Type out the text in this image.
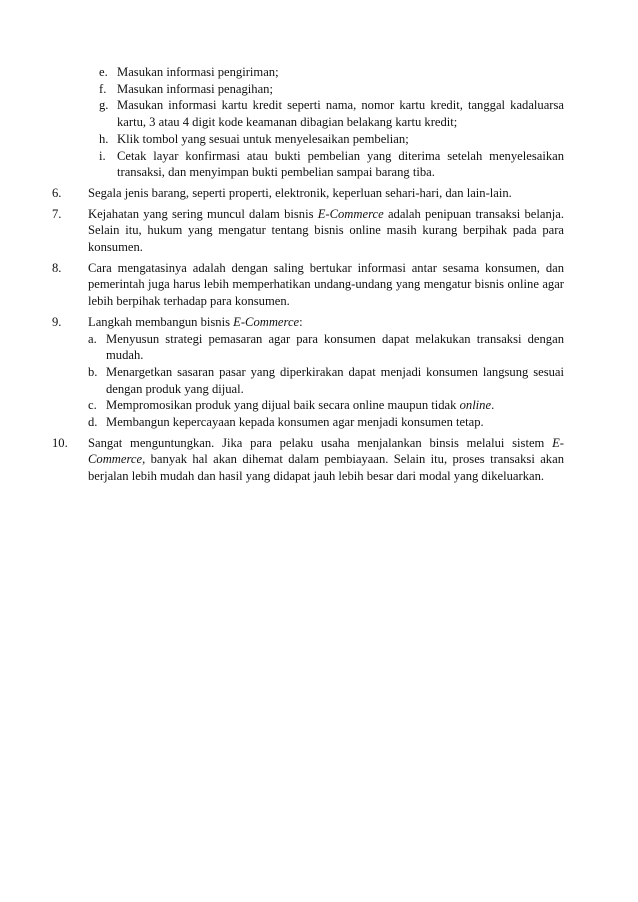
e. Masukan informasi pengiriman;
f. Masukan informasi penagihan;
g. Masukan informasi kartu kredit seperti nama, nomor kartu kredit, tanggal kadaluarsa kartu, 3 atau 4 digit kode keamanan dibagian belakang kartu kredit;
h. Klik tombol yang sesuai untuk menyelesaikan pembelian;
i. Cetak layar konfirmasi atau bukti pembelian yang diterima setelah menyelesaikan transaksi, dan menyimpan bukti pembelian sampai barang tiba.
6.	Segala jenis barang, seperti properti, elektronik, keperluan sehari-hari, dan lain-lain.
7.	Kejahatan yang sering muncul dalam bisnis E-Commerce adalah penipuan transaksi belanja. Selain itu, hukum yang mengatur tentang bisnis online masih kurang berpihak pada para konsumen.
8.	Cara mengatasinya adalah dengan saling bertukar informasi antar sesama konsumen, dan pemerintah juga harus lebih memperhatikan undang-undang yang mengatur bisnis online agar lebih berpihak terhadap para konsumen.
9.	Langkah membangun bisnis E-Commerce:
a. Menyusun strategi pemasaran agar para konsumen dapat melakukan transaksi dengan mudah.
b. Menargetkan sasaran pasar yang diperkirakan dapat menjadi konsumen langsung sesuai dengan produk yang dijual.
c. Mempromosikan produk yang dijual baik secara online maupun tidak online.
d. Membangun kepercayaan kepada konsumen agar menjadi konsumen tetap.
10.	Sangat menguntungkan. Jika para pelaku usaha menjalankan binsis melalui sistem E-Commerce, banyak hal akan dihemat dalam pembiayaan. Selain itu, proses transaksi akan berjalan lebih mudah dan hasil yang didapat jauh lebih besar dari modal yang dikeluarkan.
